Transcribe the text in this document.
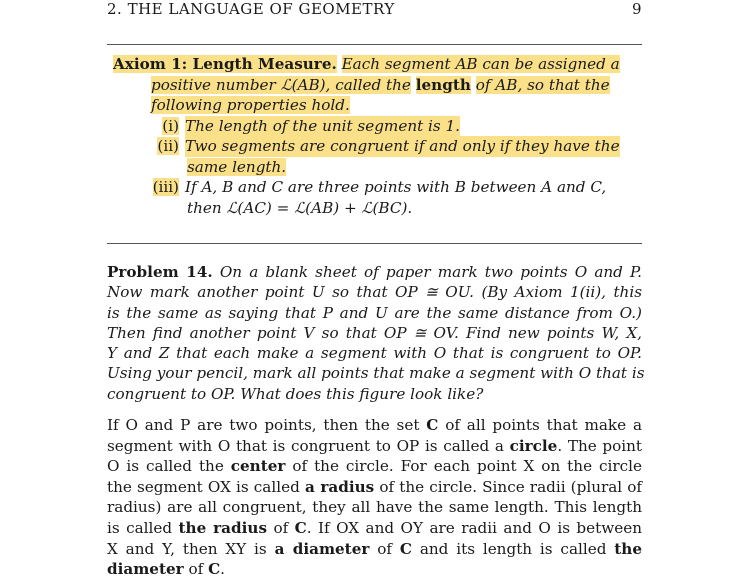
2. THE LANGUAGE OF GEOMETRY	9
Axiom 1: Length Measure. Each segment AB can be assigned a
positive number ℒ(AB), called the length of AB, so that the
following properties hold.
(i) The length of the unit segment is 1.
(ii) Two segments are congruent if and only if they have the
same length.
(iii) If A, B and C are three points with B between A and C,
then ℒ(AC) = ℒ(AB) + ℒ(BC).
Problem 14. On a blank sheet of paper mark two points O and P.
Now mark another point U so that OP ≅ OU. (By Axiom 1(ii), this
is the same as saying that P and U are the same distance from O.)
Then find another point V so that OP ≅ OV. Find new points W, X,
Y and Z that each make a segment with O that is congruent to OP.
Using your pencil, mark all points that make a segment with O that is
congruent to OP. What does this figure look like?
If O and P are two points, then the set C of all points that make a
segment with O that is congruent to OP is called a circle. The point
O is called the center of the circle. For each point X on the circle
the segment OX is called a radius of the circle. Since radii (plural of
radius) are all congruent, they all have the same length. This length
is called the radius of C. If OX and OY are radii and O is between
X and Y, then XY is a diameter of C and its length is called the
diameter of C.
